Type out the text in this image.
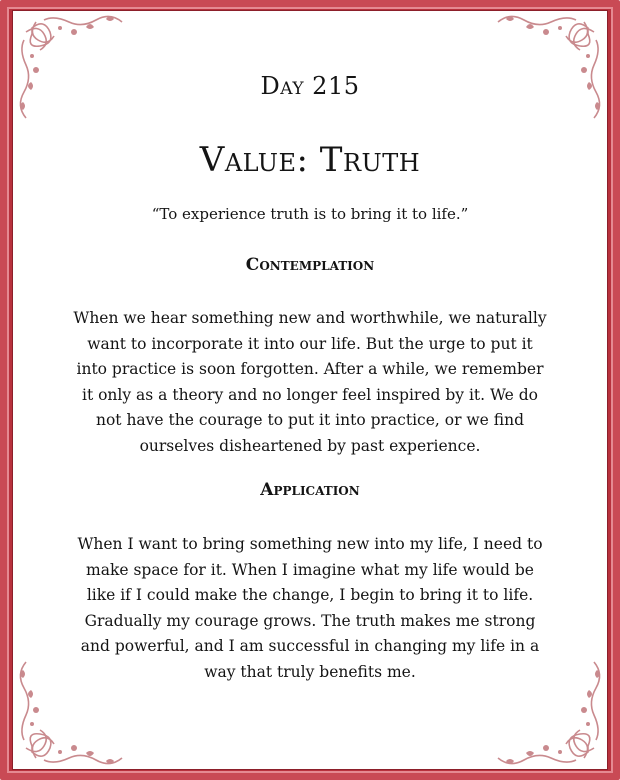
Day 215
Value: Truth
“To experience truth is to bring it to life.”
Contemplation
When we hear something new and worthwhile, we naturally want to incorporate it into our life. But the urge to put it into practice is soon forgotten. After a while, we remember it only as a theory and no longer feel inspired by it. We do not have the courage to put it into practice, or we find ourselves disheartened by past experience.
Application
When I want to bring something new into my life, I need to make space for it. When I imagine what my life would be like if I could make the change, I begin to bring it to life. Gradually my courage grows. The truth makes me strong and powerful, and I am successful in changing my life in a way that truly benefits me.
